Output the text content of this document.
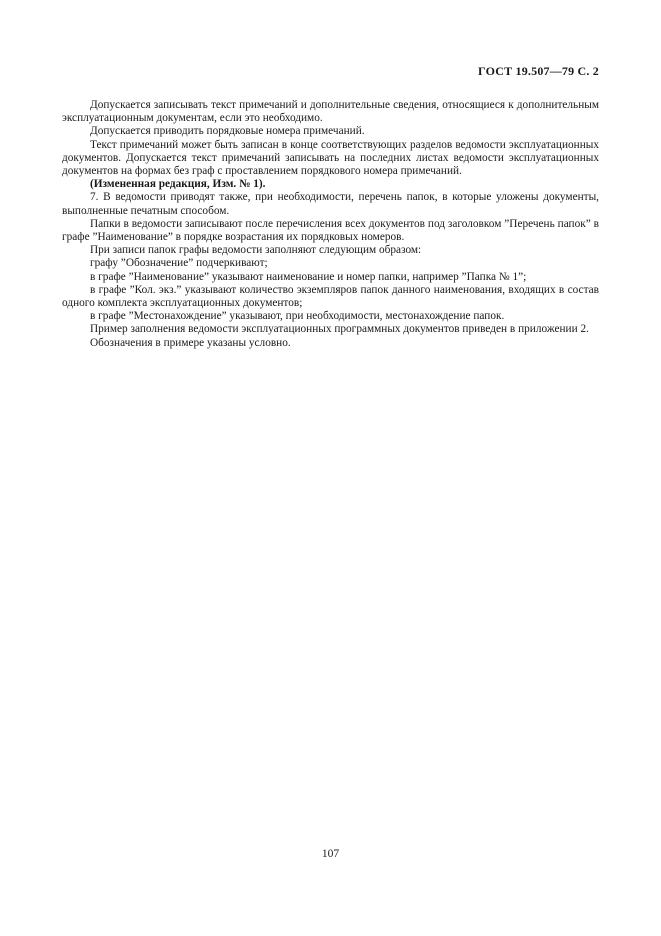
ГОСТ 19.507—79 С. 2

Допускается записывать текст примечаний и дополнительные сведения, относящиеся к дополнительным эксплуатационным документам, если это необходимо.

Допускается приводить порядковые номера примечаний.

Текст примечаний может быть записан в конце соответствующих разделов ведомости эксплуатационных документов. Допускается текст примечаний записывать на последних листах ведомости эксплуатационных документов на формах без граф с проставлением порядкового номера примечаний.

(Измененная редакция, Изм. № 1).

7. В ведомости приводят также, при необходимости, перечень папок, в которые уложены документы, выполненные печатным способом.

Папки в ведомости записывают после перечисления всех документов под заголовком ”Перечень папок” в графе ”Наименование” в порядке возрастания их порядковых номеров.

При записи папок графы ведомости заполняют следующим образом:

графу ”Обозначение” подчеркивают;

в графе ”Наименование” указывают наименование и номер папки, например ”Папка № 1”;

в графе ”Кол. экз.” указывают количество экземпляров папок данного наименования, входящих в состав одного комплекта эксплуатационных документов;

в графе ”Местонахождение” указывают, при необходимости, местонахождение папок.

Пример заполнения ведомости эксплуатационных программных документов приведен в приложении 2.

Обозначения в примере указаны условно.

107
